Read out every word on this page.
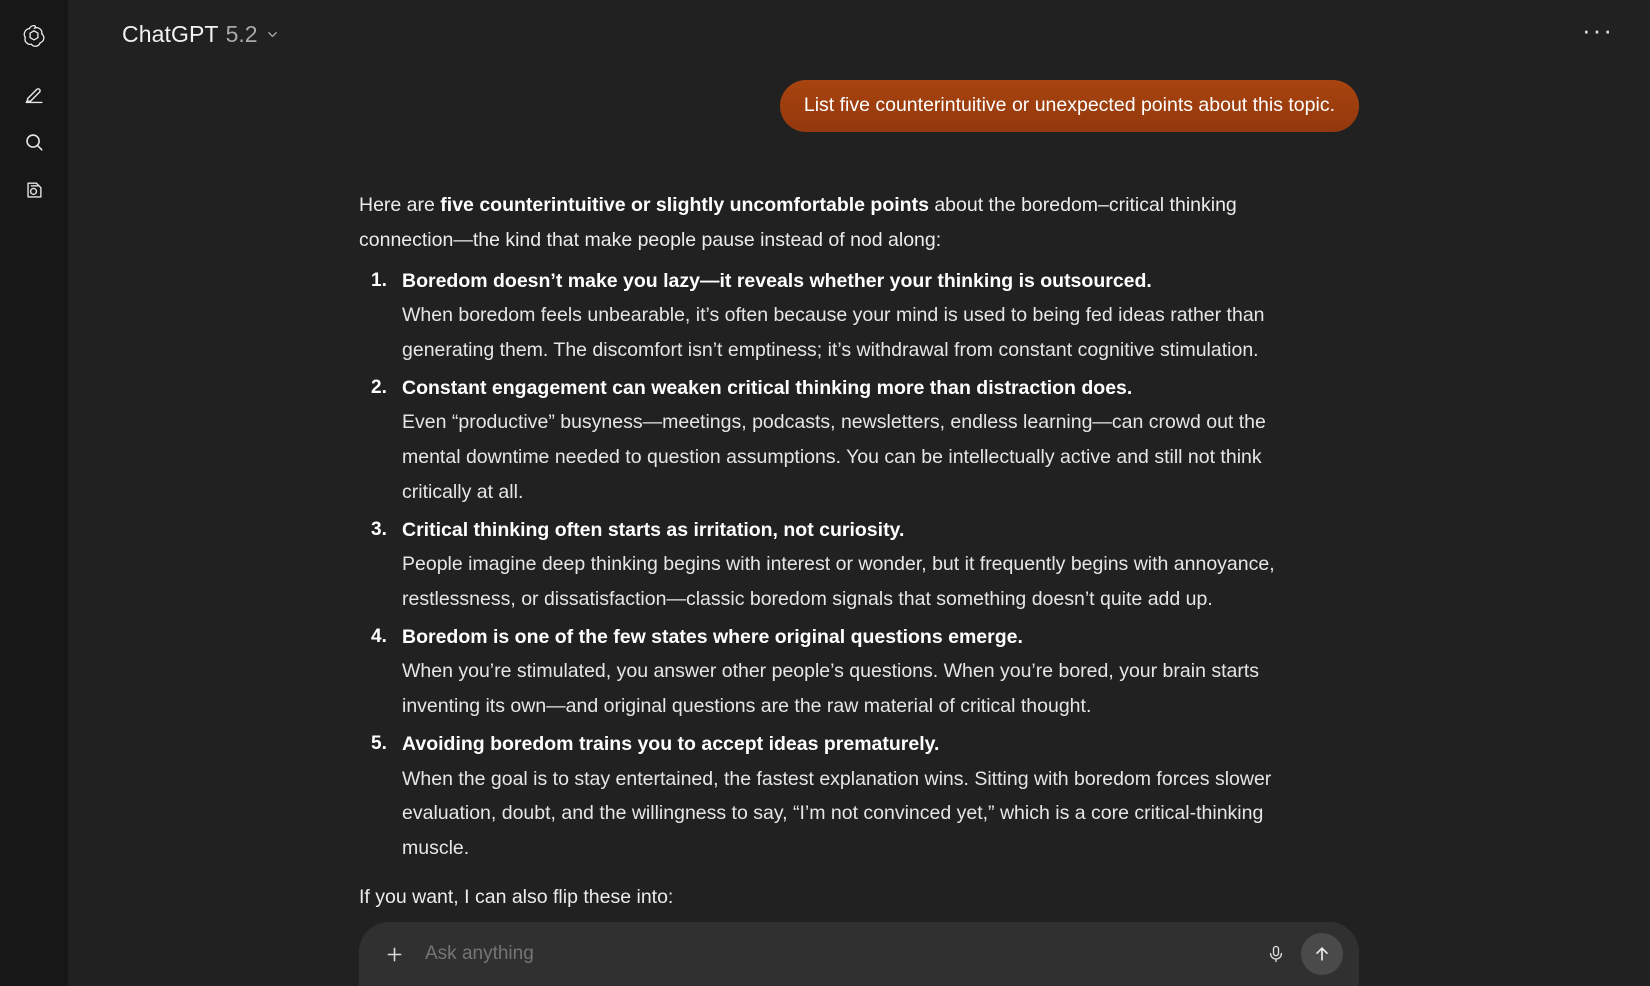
ChatGPT 5.2	···
List five counterintuitive or unexpected points about this topic.

Here are five counterintuitive or slightly uncomfortable points about the boredom–critical thinking connection—the kind that make people pause instead of nod along:

Boredom doesn’t make you lazy—it reveals whether your thinking is outsourced.
When boredom feels unbearable, it’s often because your mind is used to being fed ideas rather than generating them. The discomfort isn’t emptiness; it’s withdrawal from constant cognitive stimulation.
Constant engagement can weaken critical thinking more than distraction does.
Even “productive” busyness—meetings, podcasts, newsletters, endless learning—can crowd out the mental downtime needed to question assumptions. You can be intellectually active and still not think critically at all.
Critical thinking often starts as irritation, not curiosity.
People imagine deep thinking begins with interest or wonder, but it frequently begins with annoyance, restlessness, or dissatisfaction—classic boredom signals that something doesn’t quite add up.
Boredom is one of the few states where original questions emerge.
When you’re stimulated, you answer other people’s questions. When you’re bored, your brain starts inventing its own—and original questions are the raw material of critical thought.
Avoiding boredom trains you to accept ideas prematurely.
When the goal is to stay entertained, the fastest explanation wins. Sitting with boredom forces slower evaluation, doubt, and the willingness to say, “I’m not convinced yet,” which is a core critical-thinking muscle.

If you want, I can also flip these into:

Ask anything
